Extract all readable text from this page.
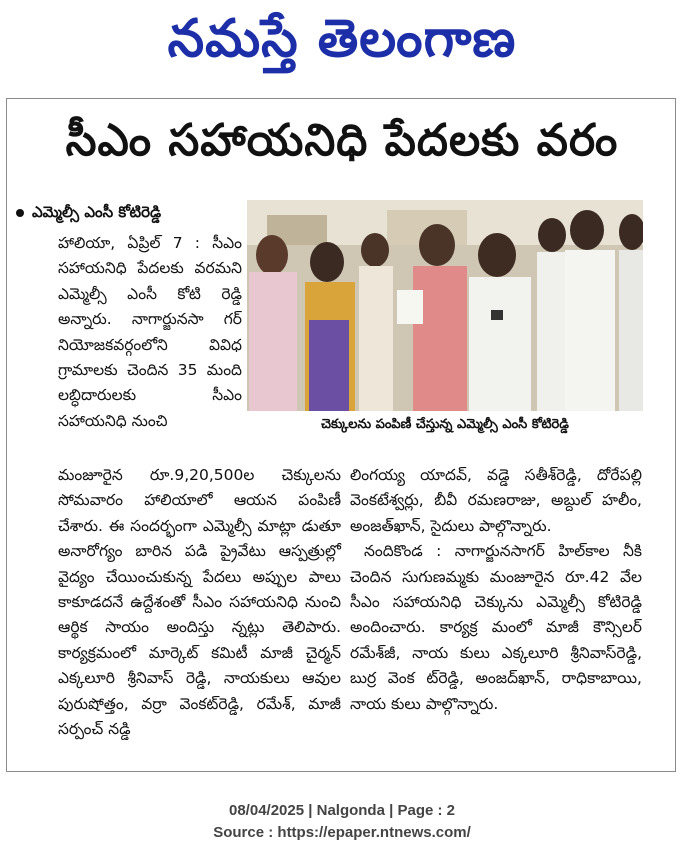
నమస్తే తెలంగాణ
సీఎం సహాయనిధి పేదలకు వరం
ఎమ్మెల్సీ ఎంసీ కోటిరెడ్డి
చెక్కులను పంపిణీ చేస్తున్న ఎమ్మెల్సీ ఎంసీ కోటిరెడ్డి

హాలియా, ఏప్రిల్ 7 : సీఎం సహాయనిధి పేదలకు వరమని ఎమ్మెల్సీ ఎంసీ కోటి రెడ్డి అన్నారు. నాగార్జునసా గర్ నియోజకవర్గంలోని వివిధ గ్రామాలకు చెందిన 35 మంది లబ్ధిదారులకు సీఎం సహాయనిధి నుంచి

మంజూరైన రూ.9,20,500ల చెక్కులను సోమవారం హాలియాలో ఆయన పంపిణీ చేశారు. ఈ సందర్భంగా ఎమ్మెల్సీ మాట్లా డుతూ అనారోగ్యం బారిన పడి ప్రైవేటు ఆస్పత్రుల్లో వైద్యం చేయించుకున్న పేదలు అప్పుల పాలు కాకూడదనే ఉద్దేశంతో సీఎం సహాయనిధి నుంచి ఆర్థిక సాయం అందిస్తు న్నట్లు తెలిపారు. కార్యక్రమంలో మార్కెట్ కమిటీ మాజీ చైర్మన్ ఎక్కలూరి శ్రీనివాస్ రెడ్డి, నాయకులు ఆవుల పురుషోత్తం, వర్రా వెంకట్‌రెడ్డి, రమేశ్, మాజీ సర్పంచ్ నడ్డి

లింగయ్య యాదవ్, వడ్డె సతీశ్‌రెడ్డి, దోరేపల్లి వెంకటేశ్వర్లు, బీవీ రమణరాజు, అబ్దుల్ హలీం, అంజత్‌ఖాన్, సైదులు పాల్గొన్నారు.

నందికొండ : నాగార్జునసాగర్ హిల్‌కాల నీకి చెందిన సుగుణమ్మకు మంజూరైన రూ.42 వేల సీఎం సహాయనిధి చెక్కును ఎమ్మెల్సీ కోటిరెడ్డి అందించారు. కార్యక్ర మంలో మాజీ కౌన్సిలర్ రమేశ్‌జీ, నాయ కులు ఎక్కలూరి శ్రీనివాస్‌రెడ్డి, బుర్ర వెంక ట్‌రెడ్డి, అంజద్‌ఖాన్, రాధికాబాయి, నాయ కులు పాల్గొన్నారు.

08/04/2025 | Nalgonda | Page : 2
Source : https://epaper.ntnews.com/
